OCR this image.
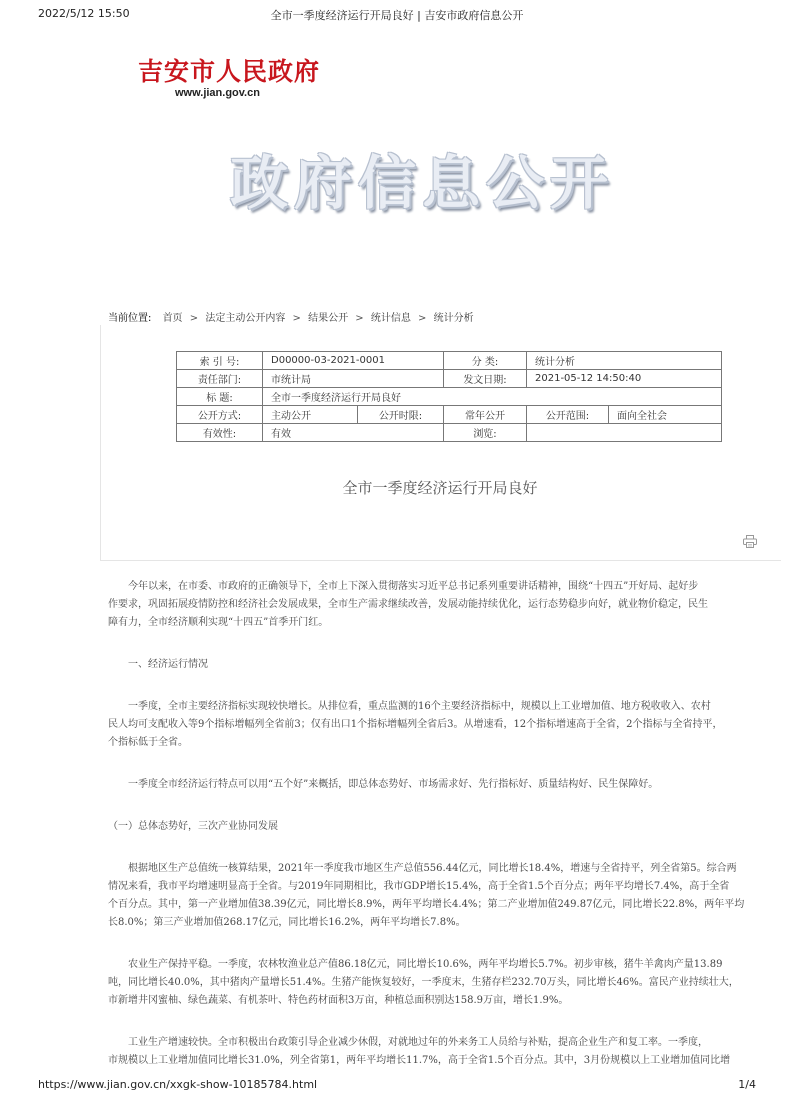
2022/5/12 15:50	全市一季度经济运行开局良好 | 吉安市政府信息公开
https://www.jian.gov.cn/xxgk-show-10185784.html	1/4
吉安市人民政府
www.jian.gov.cn
政府信息公开
当前位置: 首页 > 法定主动公开内容 > 结果公开 > 统计信息 > 统计分析
索 引 号:	D00000-03-2021-0001		分 类:	统计分析	
责任部门:	市统计局		发文日期:	2021-05-12 14:50:40	
标 题:	全市一季度经济运行开局良好				
公开方式:	主动公开	公开时限:	常年公开	公开范围:	面向全社会
有效性:	有效		浏览:		
全市一季度经济运行开局良好

今年以来，在市委、市政府的正确领导下，全市上下深入贯彻落实习近平总书记系列重要讲话精神，围绕“十四五”开好局、起好步
作要求，巩固拓展疫情防控和经济社会发展成果，全市生产需求继续改善，发展动能持续优化，运行态势稳步向好，就业物价稳定，民生
障有力，全市经济顺利实现“十四五”首季开门红。

一、经济运行情况

一季度，全市主要经济指标实现较快增长。从排位看，重点监测的16个主要经济指标中，规模以上工业增加值、地方税收收入、农村
民人均可支配收入等9个指标增幅列全省前3；仅有出口1个指标增幅列全省后3。从增速看，12个指标增速高于全省，2个指标与全省持平，
个指标低于全省。

一季度全市经济运行特点可以用“五个好”来概括，即总体态势好、市场需求好、先行指标好、质量结构好、民生保障好。

（一）总体态势好，三次产业协同发展

根据地区生产总值统一核算结果，2021年一季度我市地区生产总值556.44亿元，同比增长18.4%，增速与全省持平，列全省第5。综合两
情况来看，我市平均增速明显高于全省。与2019年同期相比，我市GDP增长15.4%，高于全省1.5个百分点；两年平均增长7.4%，高于全省
个百分点。其中，第一产业增加值38.39亿元，同比增长8.9%，两年平均增长4.4%；第二产业增加值249.87亿元，同比增长22.8%，两年平均
长8.0%；第三产业增加值268.17亿元，同比增长16.2%，两年平均增长7.8%。

农业生产保持平稳。一季度，农林牧渔业总产值86.18亿元，同比增长10.6%，两年平均增长5.7%。初步审核，猪牛羊禽肉产量13.89
吨，同比增长40.0%，其中猪肉产量增长51.4%。生猪产能恢复较好，一季度末，生猪存栏232.70万头，同比增长46%。富民产业持续壮大，
市新增井冈蜜柚、绿色蔬菜、有机茶叶、特色药材面积3万亩，种植总面积别达158.9万亩，增长1.9%。

工业生产增速较快。全市积极出台政策引导企业减少休假，对就地过年的外来务工人员给与补贴，提高企业生产和复工率。一季度，
市规模以上工业增加值同比增长31.0%，列全省第1，两年平均增长11.7%，高于全省1.5个百分点。其中，3月份规模以上工业增加值同比增
